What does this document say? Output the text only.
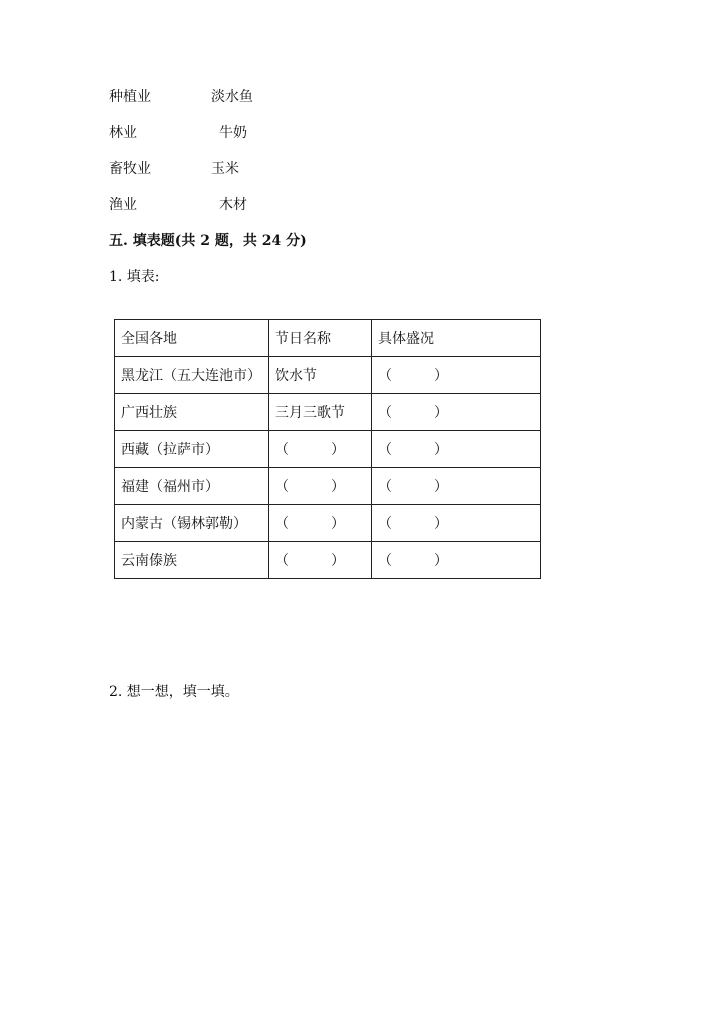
种植业	淡水鱼
林业	牛奶
畜牧业	玉米
渔业	木材
五. 填表题(共 2 题，共 24 分)
1. 填表:
全国各地	节日名称	具体盛况
黑龙江（五大连池市）	饮水节	（　　　）
广西壮族	三月三歌节	（　　　）
西藏（拉萨市）	（　　　）	（　　　）
福建（福州市）	（　　　）	（　　　）
内蒙古（锡林郭勒）	（　　　）	（　　　）
云南傣族	（　　　）	（　　　）
2. 想一想，填一填。
